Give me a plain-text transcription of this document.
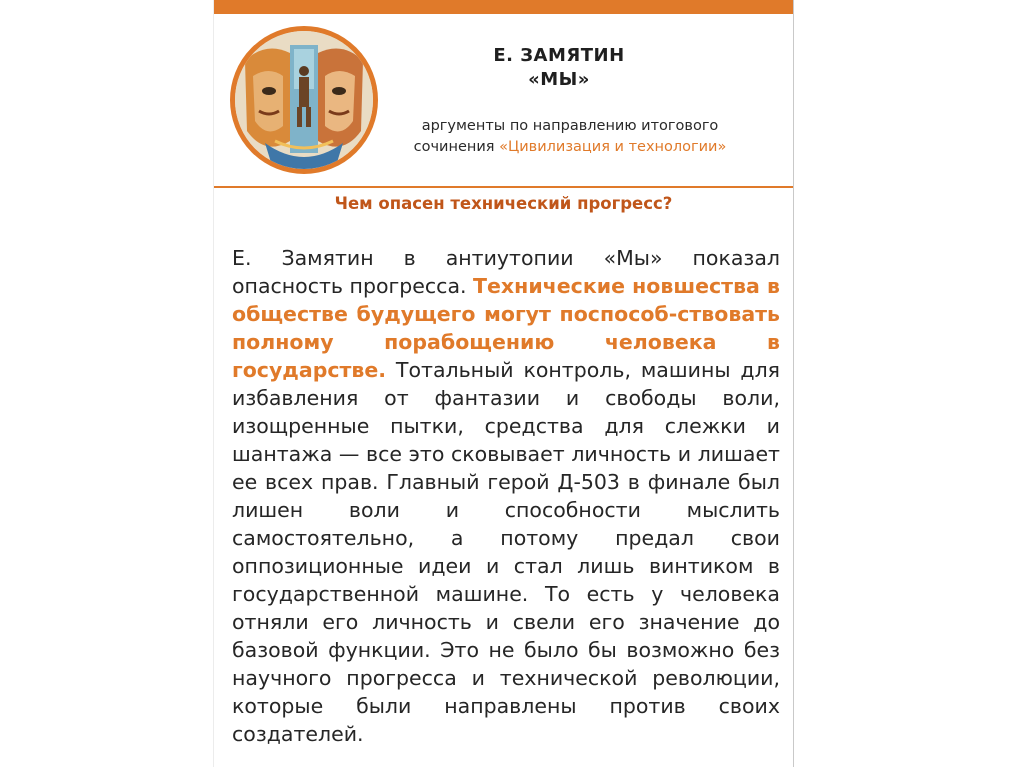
Е. ЗАМЯТИН
«МЫ»
аргументы по направлению итогового
сочинения «Цивилизация и технологии»
Чем опасен технический прогресс?
Е. Замятин в антиутопии «Мы» показал опасность прогресса. Технические новшества в обществе будущего могут поспособ-ствовать полному порабощению человека в государстве. Тотальный контроль, машины для избавления от фантазии и свободы воли, изощренные пытки, средства для слежки и шантажа — все это сковывает личность и лишает ее всех прав. Главный герой Д-503 в финале был лишен воли и способности мыслить самостоятельно, а потому предал свои оппозиционные идеи и стал лишь винтиком в государственной машине. То есть у человека отняли его личность и свели его значение до базовой функции. Это не было бы возможно без научного прогресса и технической революции, которые были направлены против своих создателей.
